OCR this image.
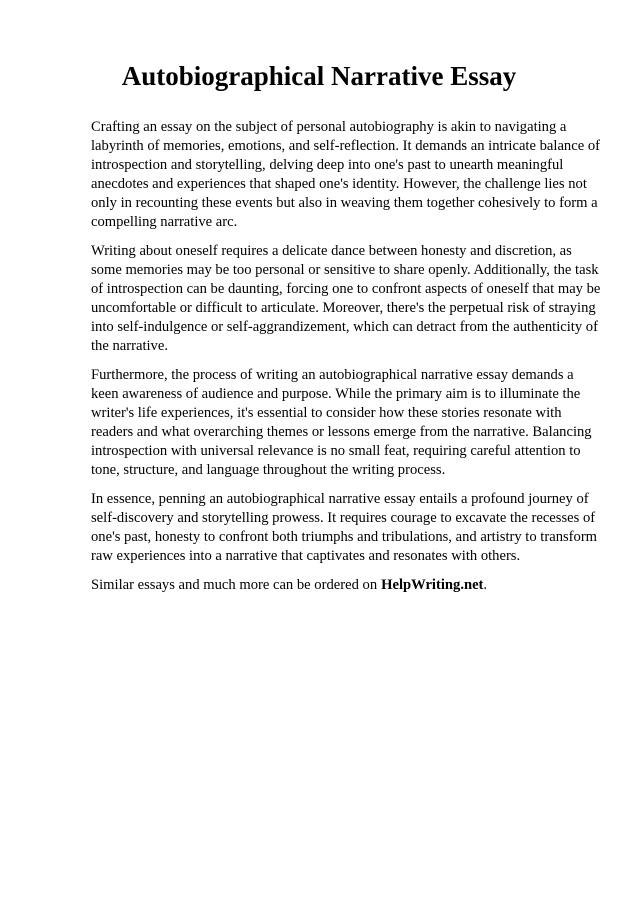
Autobiographical Narrative Essay

Crafting an essay on the subject of personal autobiography is akin to navigating a labyrinth of memories, emotions, and self-reflection. It demands an intricate balance of introspection and storytelling, delving deep into one's past to unearth meaningful anecdotes and experiences that shaped one's identity. However, the challenge lies not only in recounting these events but also in weaving them together cohesively to form a compelling narrative arc.

Writing about oneself requires a delicate dance between honesty and discretion, as some memories may be too personal or sensitive to share openly. Additionally, the task of introspection can be daunting, forcing one to confront aspects of oneself that may be uncomfortable or difficult to articulate. Moreover, there's the perpetual risk of straying into self-indulgence or self-aggrandizement, which can detract from the authenticity of the narrative.

Furthermore, the process of writing an autobiographical narrative essay demands a keen awareness of audience and purpose. While the primary aim is to illuminate the writer's life experiences, it's essential to consider how these stories resonate with readers and what overarching themes or lessons emerge from the narrative. Balancing introspection with universal relevance is no small feat, requiring careful attention to tone, structure, and language throughout the writing process.

In essence, penning an autobiographical narrative essay entails a profound journey of self-discovery and storytelling prowess. It requires courage to excavate the recesses of one's past, honesty to confront both triumphs and tribulations, and artistry to transform raw experiences into a narrative that captivates and resonates with others.

Similar essays and much more can be ordered on HelpWriting.net.
